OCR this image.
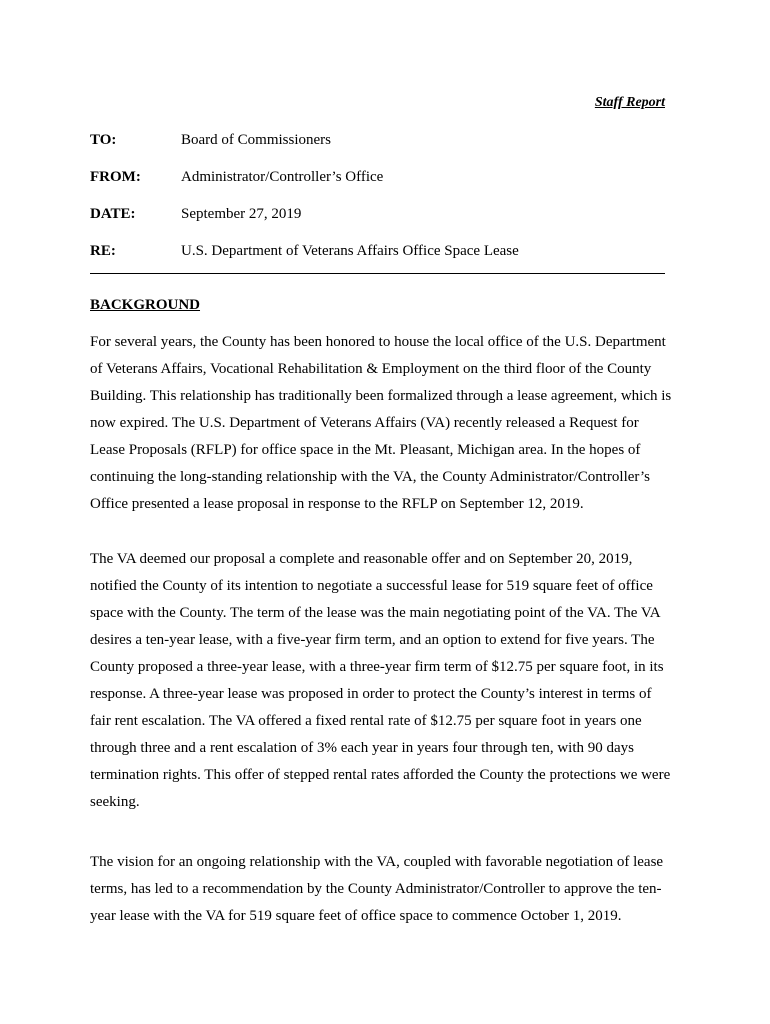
Staff Report
TO:	Board of Commissioners
FROM:	Administrator/Controller’s Office
DATE:	September 27, 2019
RE:	U.S. Department of Veterans Affairs Office Space Lease
BACKGROUND
For several years, the County has been honored to house the local office of the U.S. Department
of Veterans Affairs, Vocational Rehabilitation & Employment on the third floor of the County
Building. This relationship has traditionally been formalized through a lease agreement, which is
now expired. The U.S. Department of Veterans Affairs (VA) recently released a Request for
Lease Proposals (RFLP) for office space in the Mt. Pleasant, Michigan area. In the hopes of
continuing the long-standing relationship with the VA, the County Administrator/Controller’s
Office presented a lease proposal in response to the RFLP on September 12, 2019.
The VA deemed our proposal a complete and reasonable offer and on September 20, 2019,
notified the County of its intention to negotiate a successful lease for 519 square feet of office
space with the County. The term of the lease was the main negotiating point of the VA. The VA
desires a ten-year lease, with a five-year firm term, and an option to extend for five years. The
County proposed a three-year lease, with a three-year firm term of $12.75 per square foot, in its
response. A three-year lease was proposed in order to protect the County’s interest in terms of
fair rent escalation. The VA offered a fixed rental rate of $12.75 per square foot in years one
through three and a rent escalation of 3% each year in years four through ten, with 90 days
termination rights. This offer of stepped rental rates afforded the County the protections we were
seeking.
The vision for an ongoing relationship with the VA, coupled with favorable negotiation of lease
terms, has led to a recommendation by the County Administrator/Controller to approve the ten-
year lease with the VA for 519 square feet of office space to commence October 1, 2019.
